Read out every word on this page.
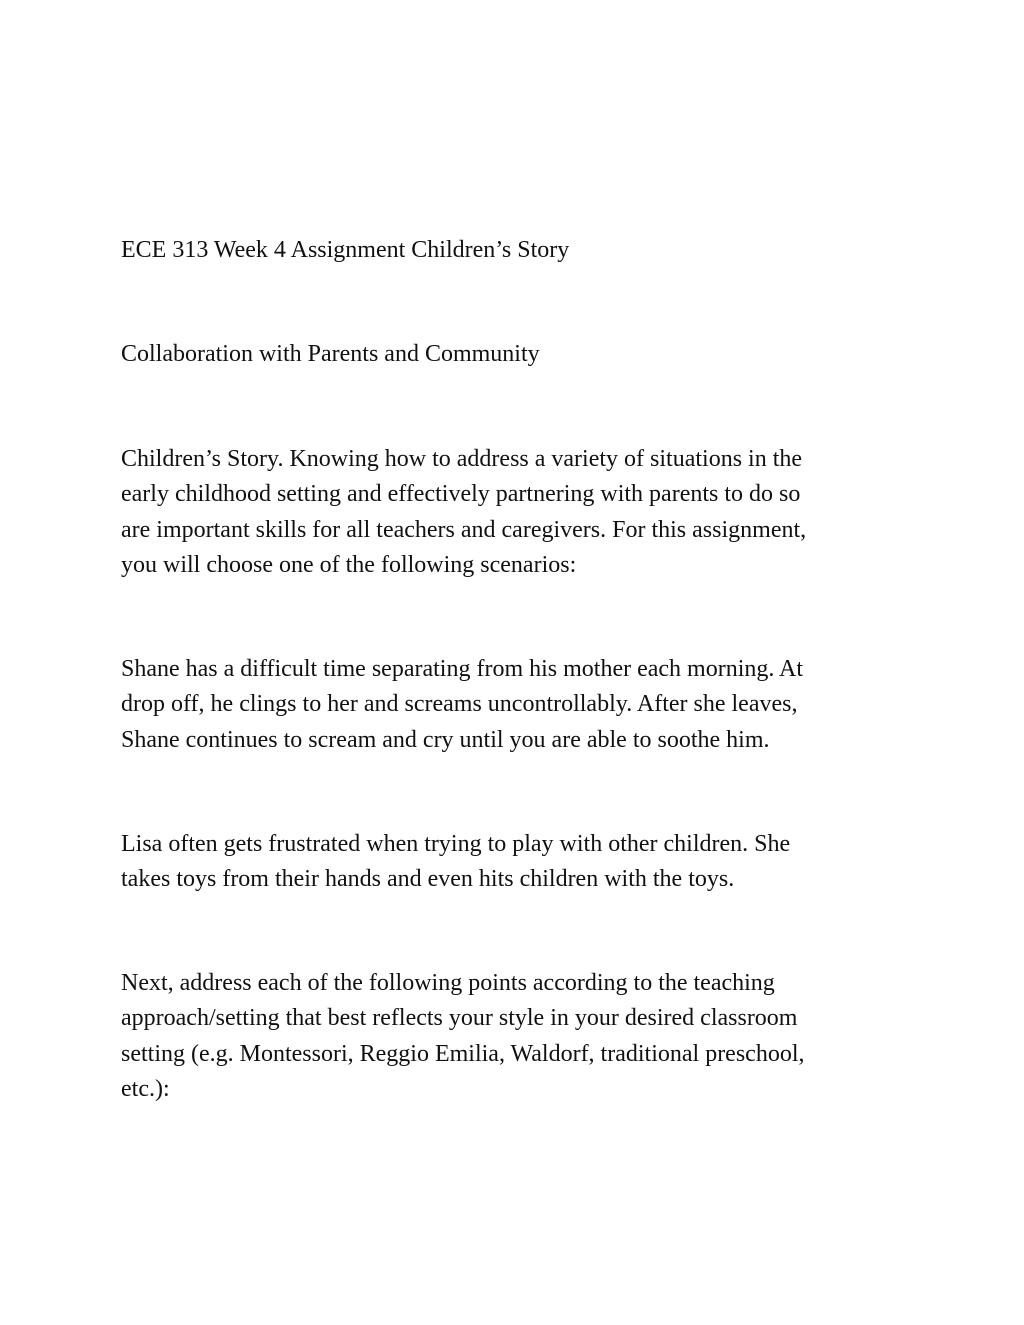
ECE 313 Week 4 Assignment Children’s Story

Collaboration with Parents and Community

Children’s Story. Knowing how to address a variety of situations in the
early childhood setting and effectively partnering with parents to do so
are important skills for all teachers and caregivers. For this assignment,
you will choose one of the following scenarios:

Shane has a difficult time separating from his mother each morning. At
drop off, he clings to her and screams uncontrollably. After she leaves,
Shane continues to scream and cry until you are able to soothe him.

Lisa often gets frustrated when trying to play with other children. She
takes toys from their hands and even hits children with the toys.

Next, address each of the following points according to the teaching
approach/setting that best reflects your style in your desired classroom
setting (e.g. Montessori, Reggio Emilia, Waldorf, traditional preschool,
etc.):
